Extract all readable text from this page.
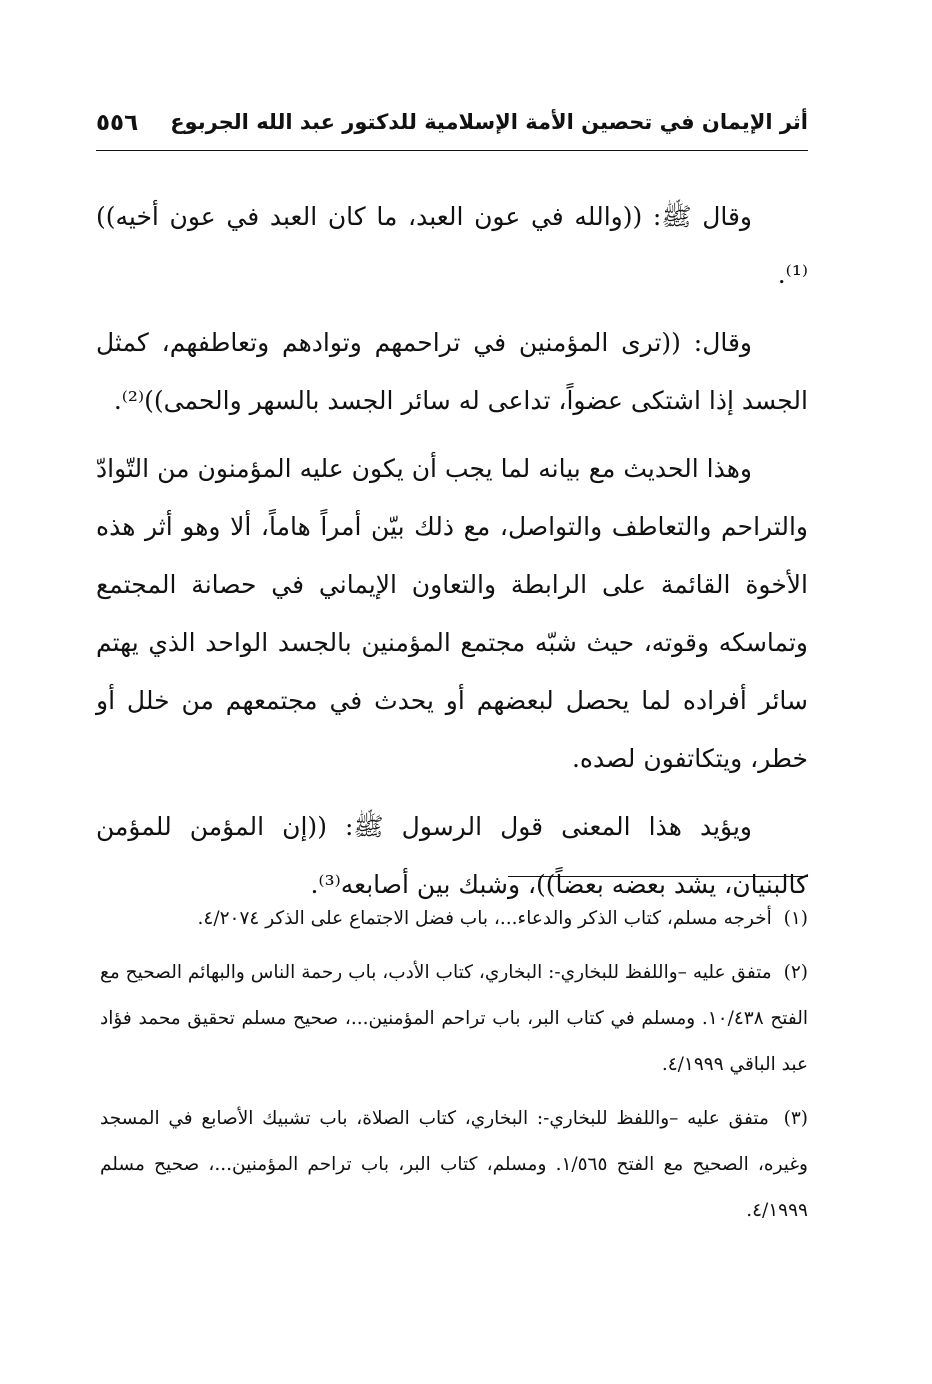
أثر الإيمان في تحصين الأمة الإسلامية للدكتور عبد الله الجربوع
٥٥٦

وقال ﷺ: ((والله في عون العبد، ما كان العبد في عون أخيه))⁽¹⁾.

وقال: ((ترى المؤمنين في تراحمهم وتوادهم وتعاطفهم، كمثل الجسد إذا اشتكى عضواً، تداعى له سائر الجسد بالسهر والحمى))⁽²⁾.

وهذا الحديث مع بيانه لما يجب أن يكون عليه المؤمنون من التّوادّ والتراحم والتعاطف والتواصل، مع ذلك بيّن أمراً هاماً، ألا وهو أثر هذه الأخوة القائمة على الرابطة والتعاون الإيماني في حصانة المجتمع وتماسكه وقوته، حيث شبّه مجتمع المؤمنين بالجسد الواحد الذي يهتم سائر أفراده لما يحصل لبعضهم أو يحدث في مجتمعهم من خلل أو خطر، ويتكاتفون لصده.

ويؤيد هذا المعنى قول الرسول ﷺ: ((إن المؤمن للمؤمن كالبنيان، يشد بعضه بعضاً))، وشبك بين أصابعه⁽³⁾.

(١) أخرجه مسلم، كتاب الذكر والدعاء...، باب فضل الاجتماع على الذكر ٤/٢٠٧٤.

(٢) متفق عليه –واللفظ للبخاري-: البخاري، كتاب الأدب، باب رحمة الناس والبهائم الصحيح مع الفتح ١٠/٤٣٨. ومسلم في كتاب البر، باب تراحم المؤمنين...، صحيح مسلم تحقيق محمد فؤاد عبد الباقي ٤/١٩٩٩.

(٣) متفق عليه –واللفظ للبخاري-: البخاري، كتاب الصلاة، باب تشبيك الأصابع في المسجد وغيره، الصحيح مع الفتح ١/٥٦٥. ومسلم، كتاب البر، باب تراحم المؤمنين...، صحيح مسلم ٤/١٩٩٩.
